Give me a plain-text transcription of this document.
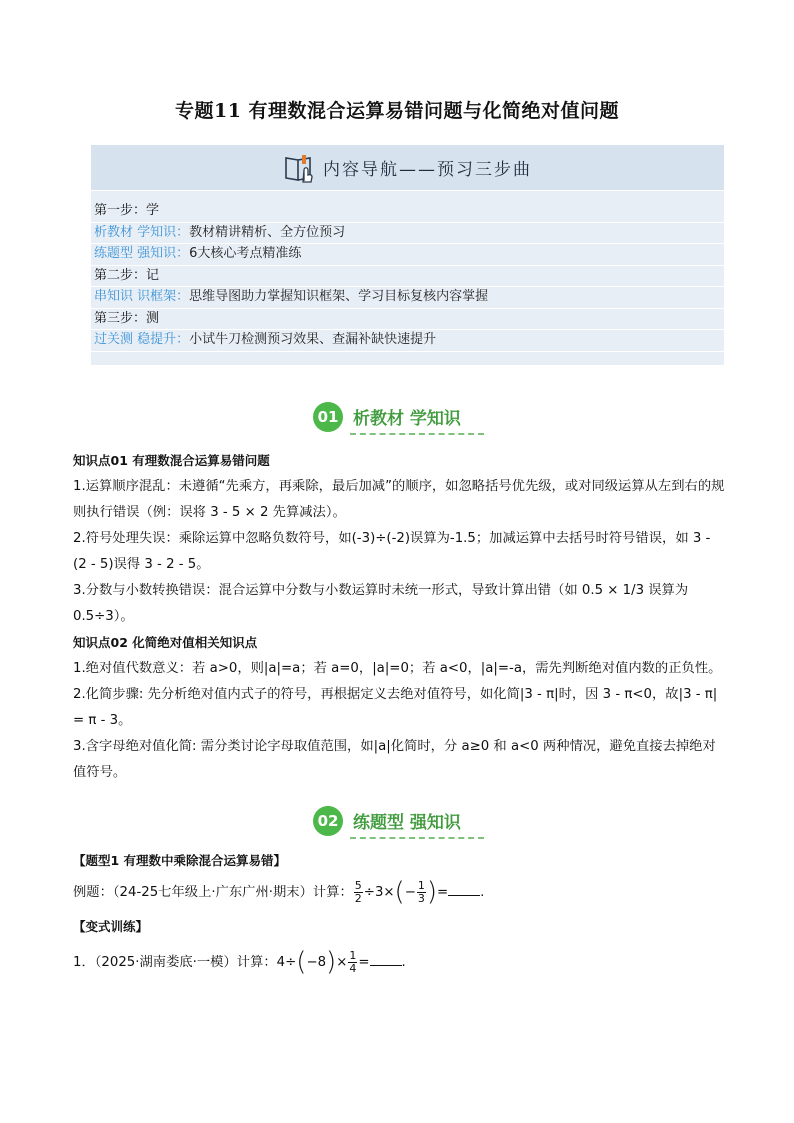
专题11 有理数混合运算易错问题与化简绝对值问题
内容导航——预习三步曲
第一步：学
析教材 学知识：教材精讲精析、全方位预习
练题型 强知识：6大核心考点精准练
第二步：记
串知识 识框架：思维导图助力掌握知识框架、学习目标复核内容掌握
第三步：测
过关测 稳提升：小试牛刀检测预习效果、查漏补缺快速提升
01 析教材 学知识
知识点01 有理数混合运算易错问题
1.运算顺序混乱：未遵循“先乘方，再乘除，最后加减”的顺序，如忽略括号优先级，或对同级运算从左到右的规则执行错误（例：误将 3 - 5 × 2 先算减法）。
2.符号处理失误：乘除运算中忽略负数符号，如(-3)÷(-2)误算为-1.5；加减运算中去括号时符号错误，如 3 - (2 - 5)误得 3 - 2 - 5。
3.分数与小数转换错误：混合运算中分数与小数运算时未统一形式，导致计算出错（如 0.5 × 1/3 误算为 0.5÷3）。
知识点02 化简绝对值相关知识点
1.绝对值代数意义：若 a>0，则|a|=a；若 a=0，|a|=0；若 a<0，|a|=-a，需先判断绝对值内数的正负性。
2.化简步骤: 先分析绝对值内式子的符号，再根据定义去绝对值符号，如化简|3 - π|时，因 3 - π<0，故|3 - π| = π - 3。
3.含字母绝对值化简: 需分类讨论字母取值范围，如|a|化简时，分 a≥0 和 a<0 两种情况，避免直接去掉绝对值符号。
02 练题型 强知识
【题型1 有理数中乘除混合运算易错】
例题：（24-25七年级上·广东广州·期末）计算： $\frac{5}{2} \div 3\times(- \frac{1}{3}$ )= .
【变式训练】
1．（2025·湖南娄底·一模）计算：$4\div(-8)\times \frac{1}{4}$ = .
